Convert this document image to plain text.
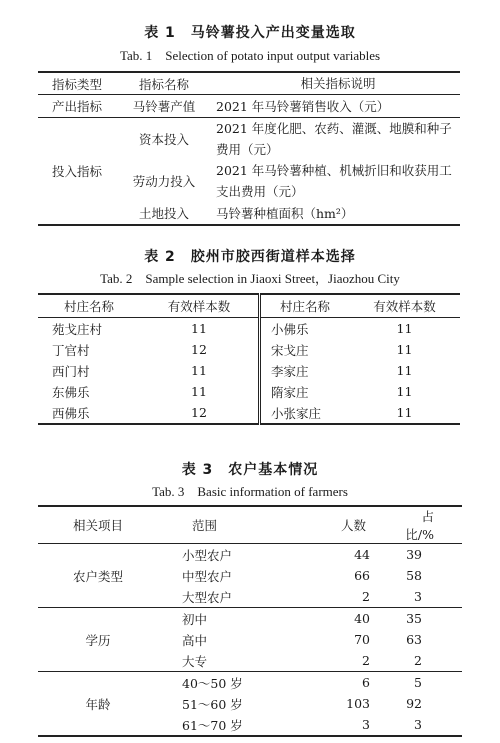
表 1　马铃薯投入产出变量选取
Tab. 1　Selection of potato input output variables
指标类型	指标名称	相关指标说明
产出指标	马铃薯产值	2021 年马铃薯销售收入（元）
投入指标	资本投入	2021 年度化肥、农药、灌溉、地膜和种子费用（元）
	劳动力投入	2021 年马铃薯种植、机械折旧和收获用工支出费用（元）
	土地投入	马铃薯种植面积（hm²）
表 2　胶州市胶西街道样本选择
Tab. 2　Sample selection in Jiaoxi Street，Jiaozhou City
村庄名称	有效样本数	村庄名称	有效样本数
苑戈庄村	11	小佛乐	11
丁官村	12	宋戈庄	11
西门村	11	李家庄	11
东佛乐	11	隋家庄	11
西佛乐	12	小张家庄	11
表 3　农户基本情况
Tab. 3　Basic information of farmers
相关项目	范围	人数	占比/%
农户类型	小型农户	44	39
	中型农户	66	58
	大型农户	2	3
学历	初中	40	35
	高中	70	63
	大专	2	2
年龄	40～50 岁	6	5
	51～60 岁	103	92
	61～70 岁	3	3
